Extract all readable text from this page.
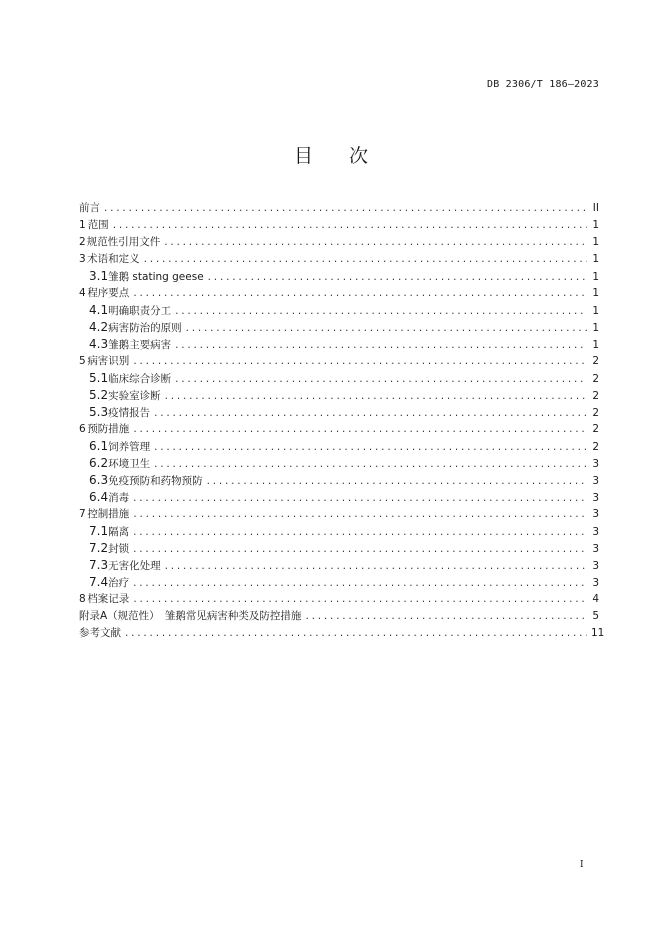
DB 2306/T 186—2023
目 次
前言 .....	II
1 范围 .....	1
2 规范性引用文件 .....	1
3 术语和定义 .....	1
3.1 雏鹅 stating geese .....	1
4 程序要点 .....	1
4.1 明确职责分工 .....	1
4.2 病害防治的原则 .....	1
4.3 雏鹅主要病害 .....	1
5 病害识别 .....	2
5.1 临床综合诊断 .....	2
5.2 实验室诊断 .....	2
5.3 疫情报告 .....	2
6 预防措施 .....	2
6.1 饲养管理 .....	2
6.2 环境卫生 .....	3
6.3 免疫预防和药物预防 .....	3
6.4 消毒 .....	3
7 控制措施 .....	3
7.1 隔离 .....	3
7.2 封锁 .....	3
7.3 无害化处理 .....	3
7.4 治疗 .....	3
8 档案记录 .....	4
附录A（规范性）　雏鹅常见病害种类及防控措施 .....	5
参考文献 .....	11
I
